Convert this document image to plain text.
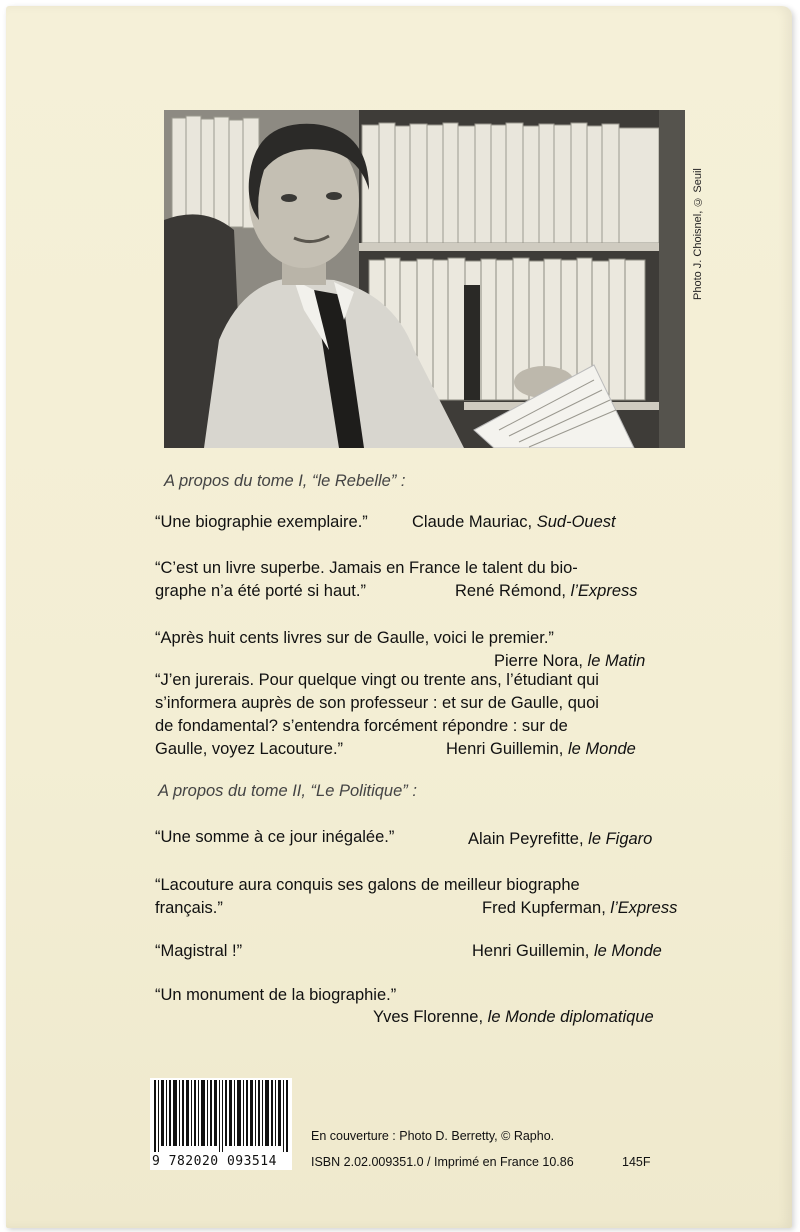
Photo J. Choisnel, © Seuil
A propos du tome I, “le Rebelle” :
“Une biographie exemplaire.”	Claude Mauriac, Sud-Ouest
“C’est un livre superbe. Jamais en France le talent du bio-
graphe n’a été porté si haut.”	René Rémond, l’Express
“Après huit cents livres sur de Gaulle, voici le premier.”
Pierre Nora, le Matin
“J’en jurerais. Pour quelque vingt ou trente ans, l’étudiant qui
s’informera auprès de son professeur : et sur de Gaulle, quoi
de fondamental? s’entendra forcément répondre : sur de
Gaulle, voyez Lacouture.”	Henri Guillemin, le Monde
A propos du tome II, “Le Politique” :
“Une somme à ce jour inégalée.”	Alain Peyrefitte, le Figaro
“Lacouture aura conquis ses galons de meilleur biographe
français.”	Fred Kupferman, l’Express
“Magistral !”	Henri Guillemin, le Monde
“Un monument de la biographie.”
Yves Florenne, le Monde diplomatique
9 782020 093514
En couverture : Photo D. Berretty, © Rapho.
ISBN 2.02.009351.0 / Imprimé en France 10.86	145F
